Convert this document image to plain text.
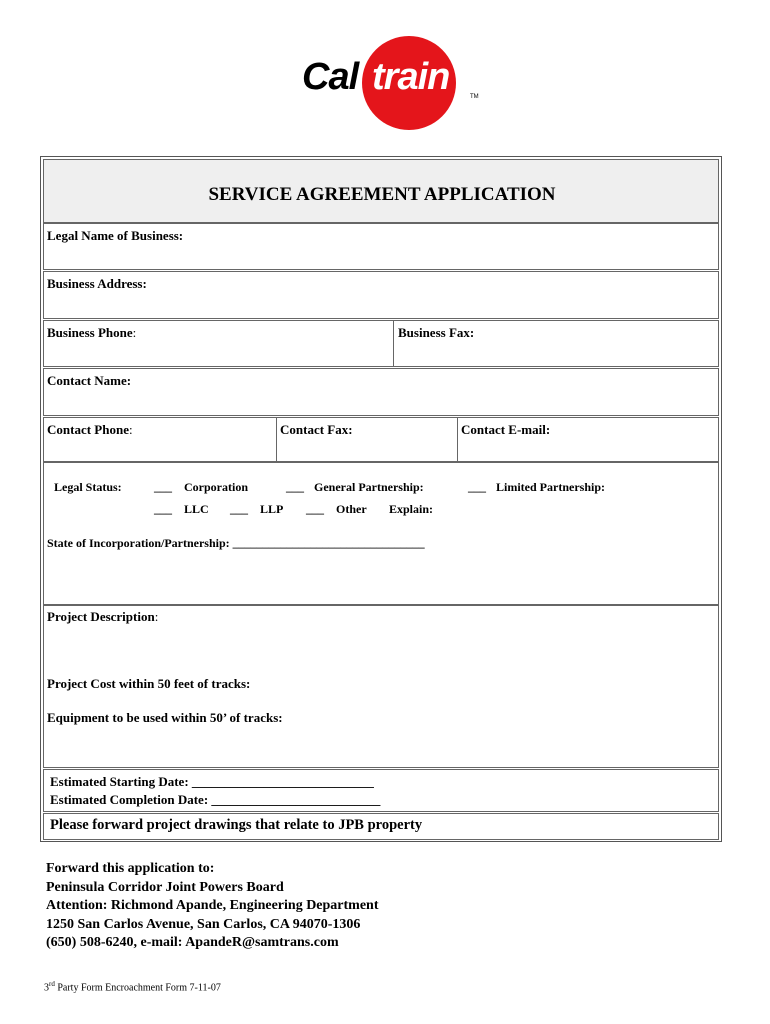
Cal train	TM
SERVICE AGREEMENT APPLICATION
Legal Name of Business:
Business Address:
Business Phone:	Business Fax:
Contact Name:
Contact Phone:	Contact Fax:	Contact E-mail:
Legal Status:	___ Corporation	___ General Partnership:	___ Limited Partnership:
___ LLC ___ LLP ___ Other Explain:
State of Incorporation/Partnership: ________________________________
Project Description:
Project Cost within 50 feet of tracks:
Equipment to be used within 50’ of tracks:
Estimated Starting Date: ____________________________
Estimated Completion Date: __________________________
Please forward project drawings that relate to JPB property
Forward this application to:
Peninsula Corridor Joint Powers Board
Attention: Richmond Apande, Engineering Department
1250 San Carlos Avenue, San Carlos, CA 94070-1306
(650) 508-6240, e-mail: ApandeR@samtrans.com
3rd Party Form Encroachment Form 7-11-07
